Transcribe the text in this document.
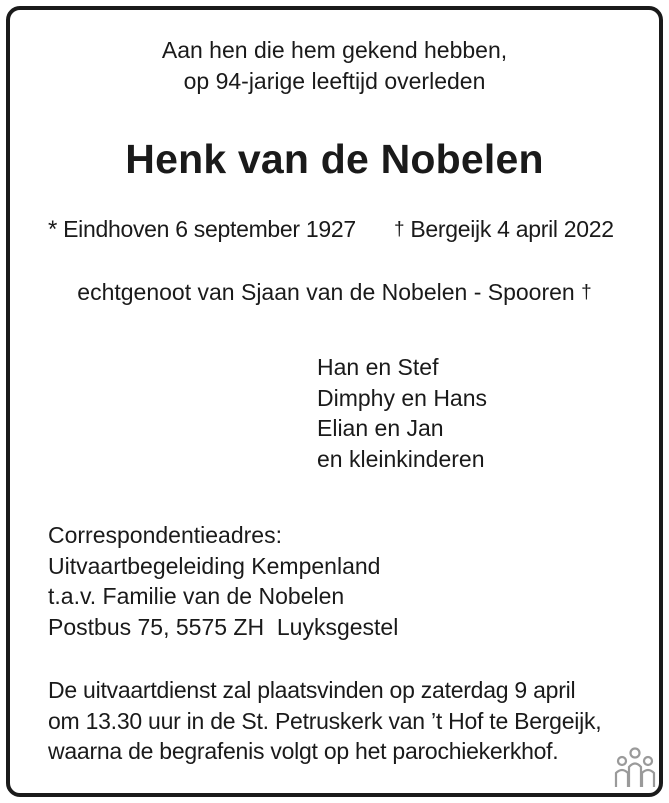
Aan hen die hem gekend hebben,
op 94-jarige leeftijd overleden
Henk van de Nobelen
* Eindhoven 6 september 1927 † Bergeijk 4 april 2022
echtgenoot van Sjaan van de Nobelen - Spooren †
Han en Stef
Dimphy en Hans
Elian en Jan
en kleinkinderen
Correspondentieadres:
Uitvaartbegeleiding Kempenland
t.a.v. Familie van de Nobelen
Postbus 75, 5575 ZH  Luyksgestel
De uitvaartdienst zal plaatsvinden op zaterdag 9 april
om 13.30 uur in de St. Petruskerk van ’t Hof te Bergeijk,
waarna de begrafenis volgt op het parochiekerkhof.
